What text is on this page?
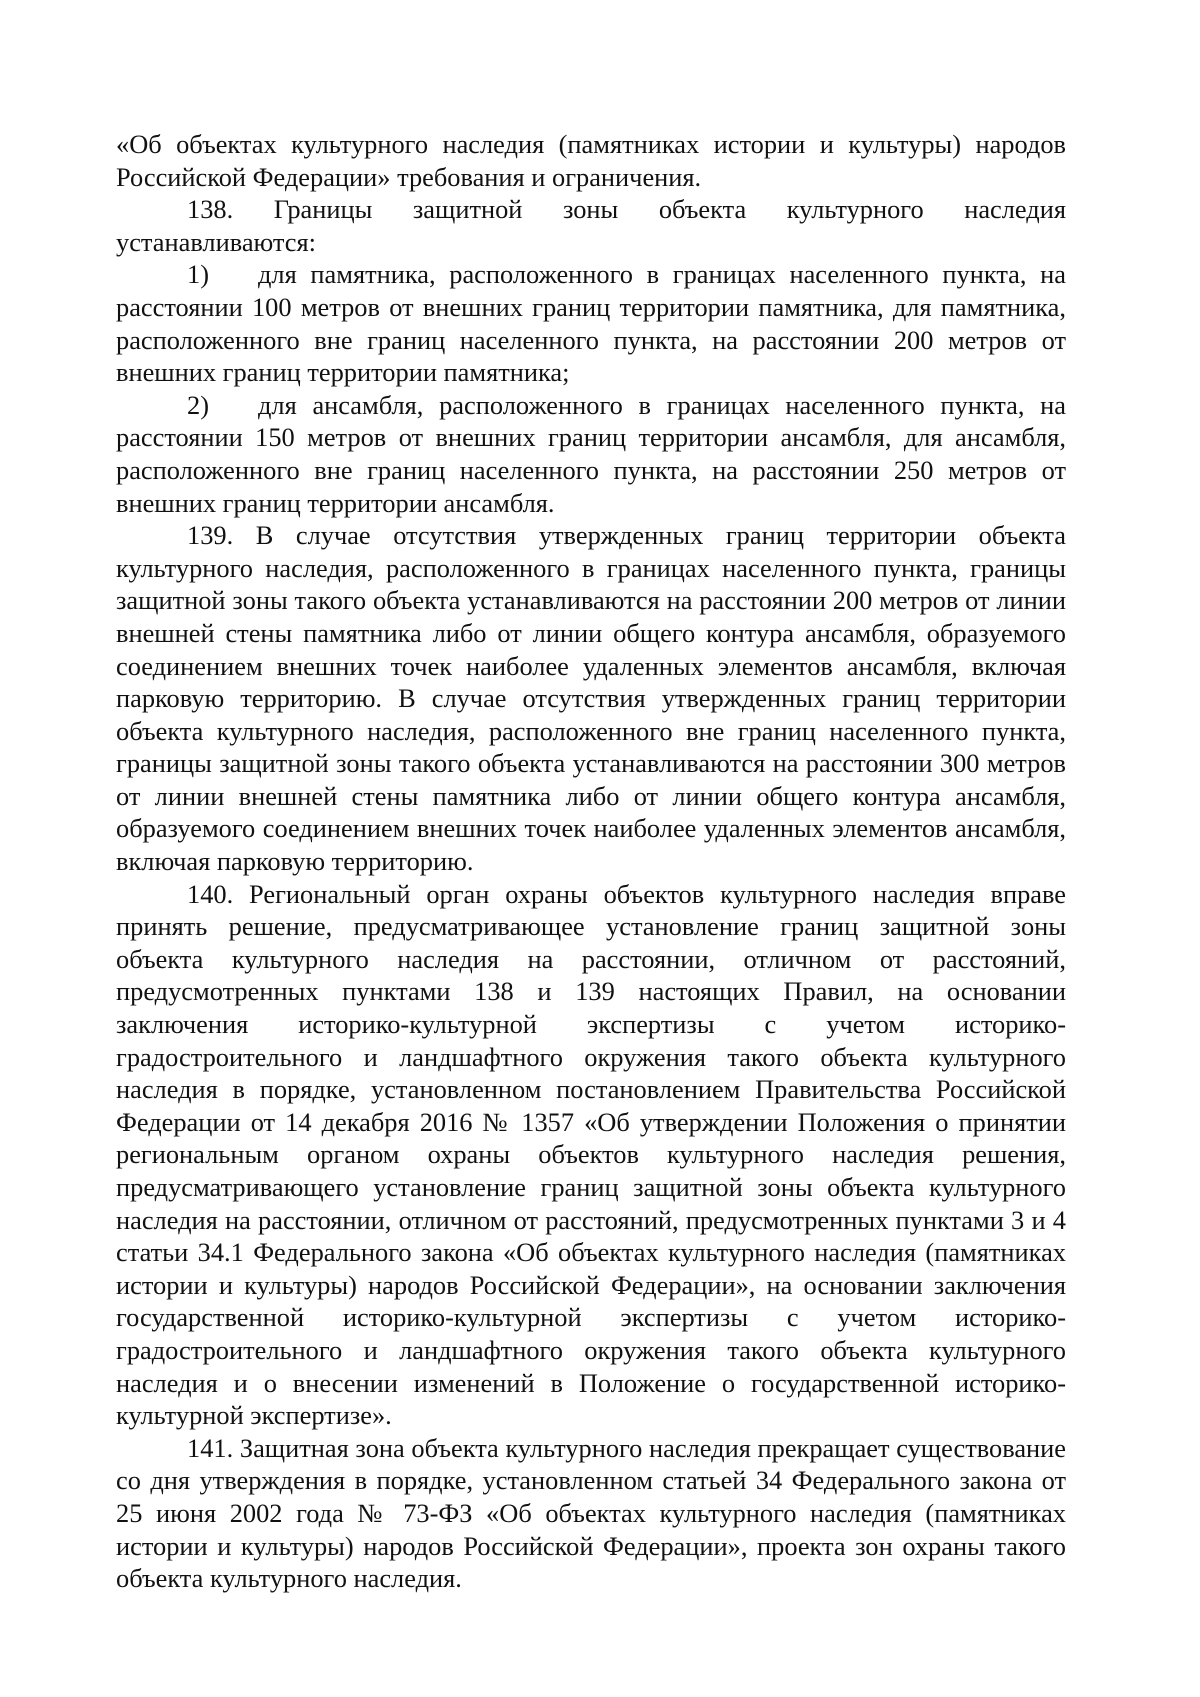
«Об объектах культурного наследия (памятниках истории и культуры) народов Российской Федерации» требования и ограничения.

138. Границы защитной зоны объекта культурного наследия устанавливаются:

1) для памятника, расположенного в границах населенного пункта, на расстоянии 100 метров от внешних границ территории памятника, для памятника, расположенного вне границ населенного пункта, на расстоянии 200 метров от внешних границ территории памятника;

2) для ансамбля, расположенного в границах населенного пункта, на расстоянии 150 метров от внешних границ территории ансамбля, для ансамбля, расположенного вне границ населенного пункта, на расстоянии 250 метров от внешних границ территории ансамбля.

139. В случае отсутствия утвержденных границ территории объекта культурного наследия, расположенного в границах населенного пункта, границы защитной зоны такого объекта устанавливаются на расстоянии 200 метров от линии внешней стены памятника либо от линии общего контура ансамбля, образуемого соединением внешних точек наиболее удаленных элементов ансамбля, включая парковую территорию. В случае отсутствия утвержденных границ территории объекта культурного наследия, расположенного вне границ населенного пункта, границы защитной зоны такого объекта устанавливаются на расстоянии 300 метров от линии внешней стены памятника либо от линии общего контура ансамбля, образуемого соединением внешних точек наиболее удаленных элементов ансамбля, включая парковую территорию.

140. Региональный орган охраны объектов культурного наследия вправе принять решение, предусматривающее установление границ защитной зоны объекта культурного наследия на расстоянии, отличном от расстояний, предусмотренных пунктами 138 и 139 настоящих Правил, на основании заключения историко-культурной экспертизы с учетом историко-градостроительного и ландшафтного окружения такого объекта культурного наследия в порядке, установленном постановлением Правительства Российской Федерации от 14 декабря 2016 № 1357 «Об утверждении Положения о принятии региональным органом охраны объектов культурного наследия решения, предусматривающего установление границ защитной зоны объекта культурного наследия на расстоянии, отличном от расстояний, предусмотренных пунктами 3 и 4 статьи 34.1 Федерального закона «Об объектах культурного наследия (памятниках истории и культуры) народов Российской Федерации», на основании заключения государственной историко-культурной экспертизы с учетом историко-градостроительного и ландшафтного окружения такого объекта культурного наследия и о внесении изменений в Положение о государственной историко-культурной экспертизе».

141. Защитная зона объекта культурного наследия прекращает существование со дня утверждения в порядке, установленном статьей 34 Федерального закона от 25 июня 2002 года № 73-ФЗ «Об объектах культурного наследия (памятниках истории и культуры) народов Российской Федерации», проекта зон охраны такого объекта культурного наследия.
